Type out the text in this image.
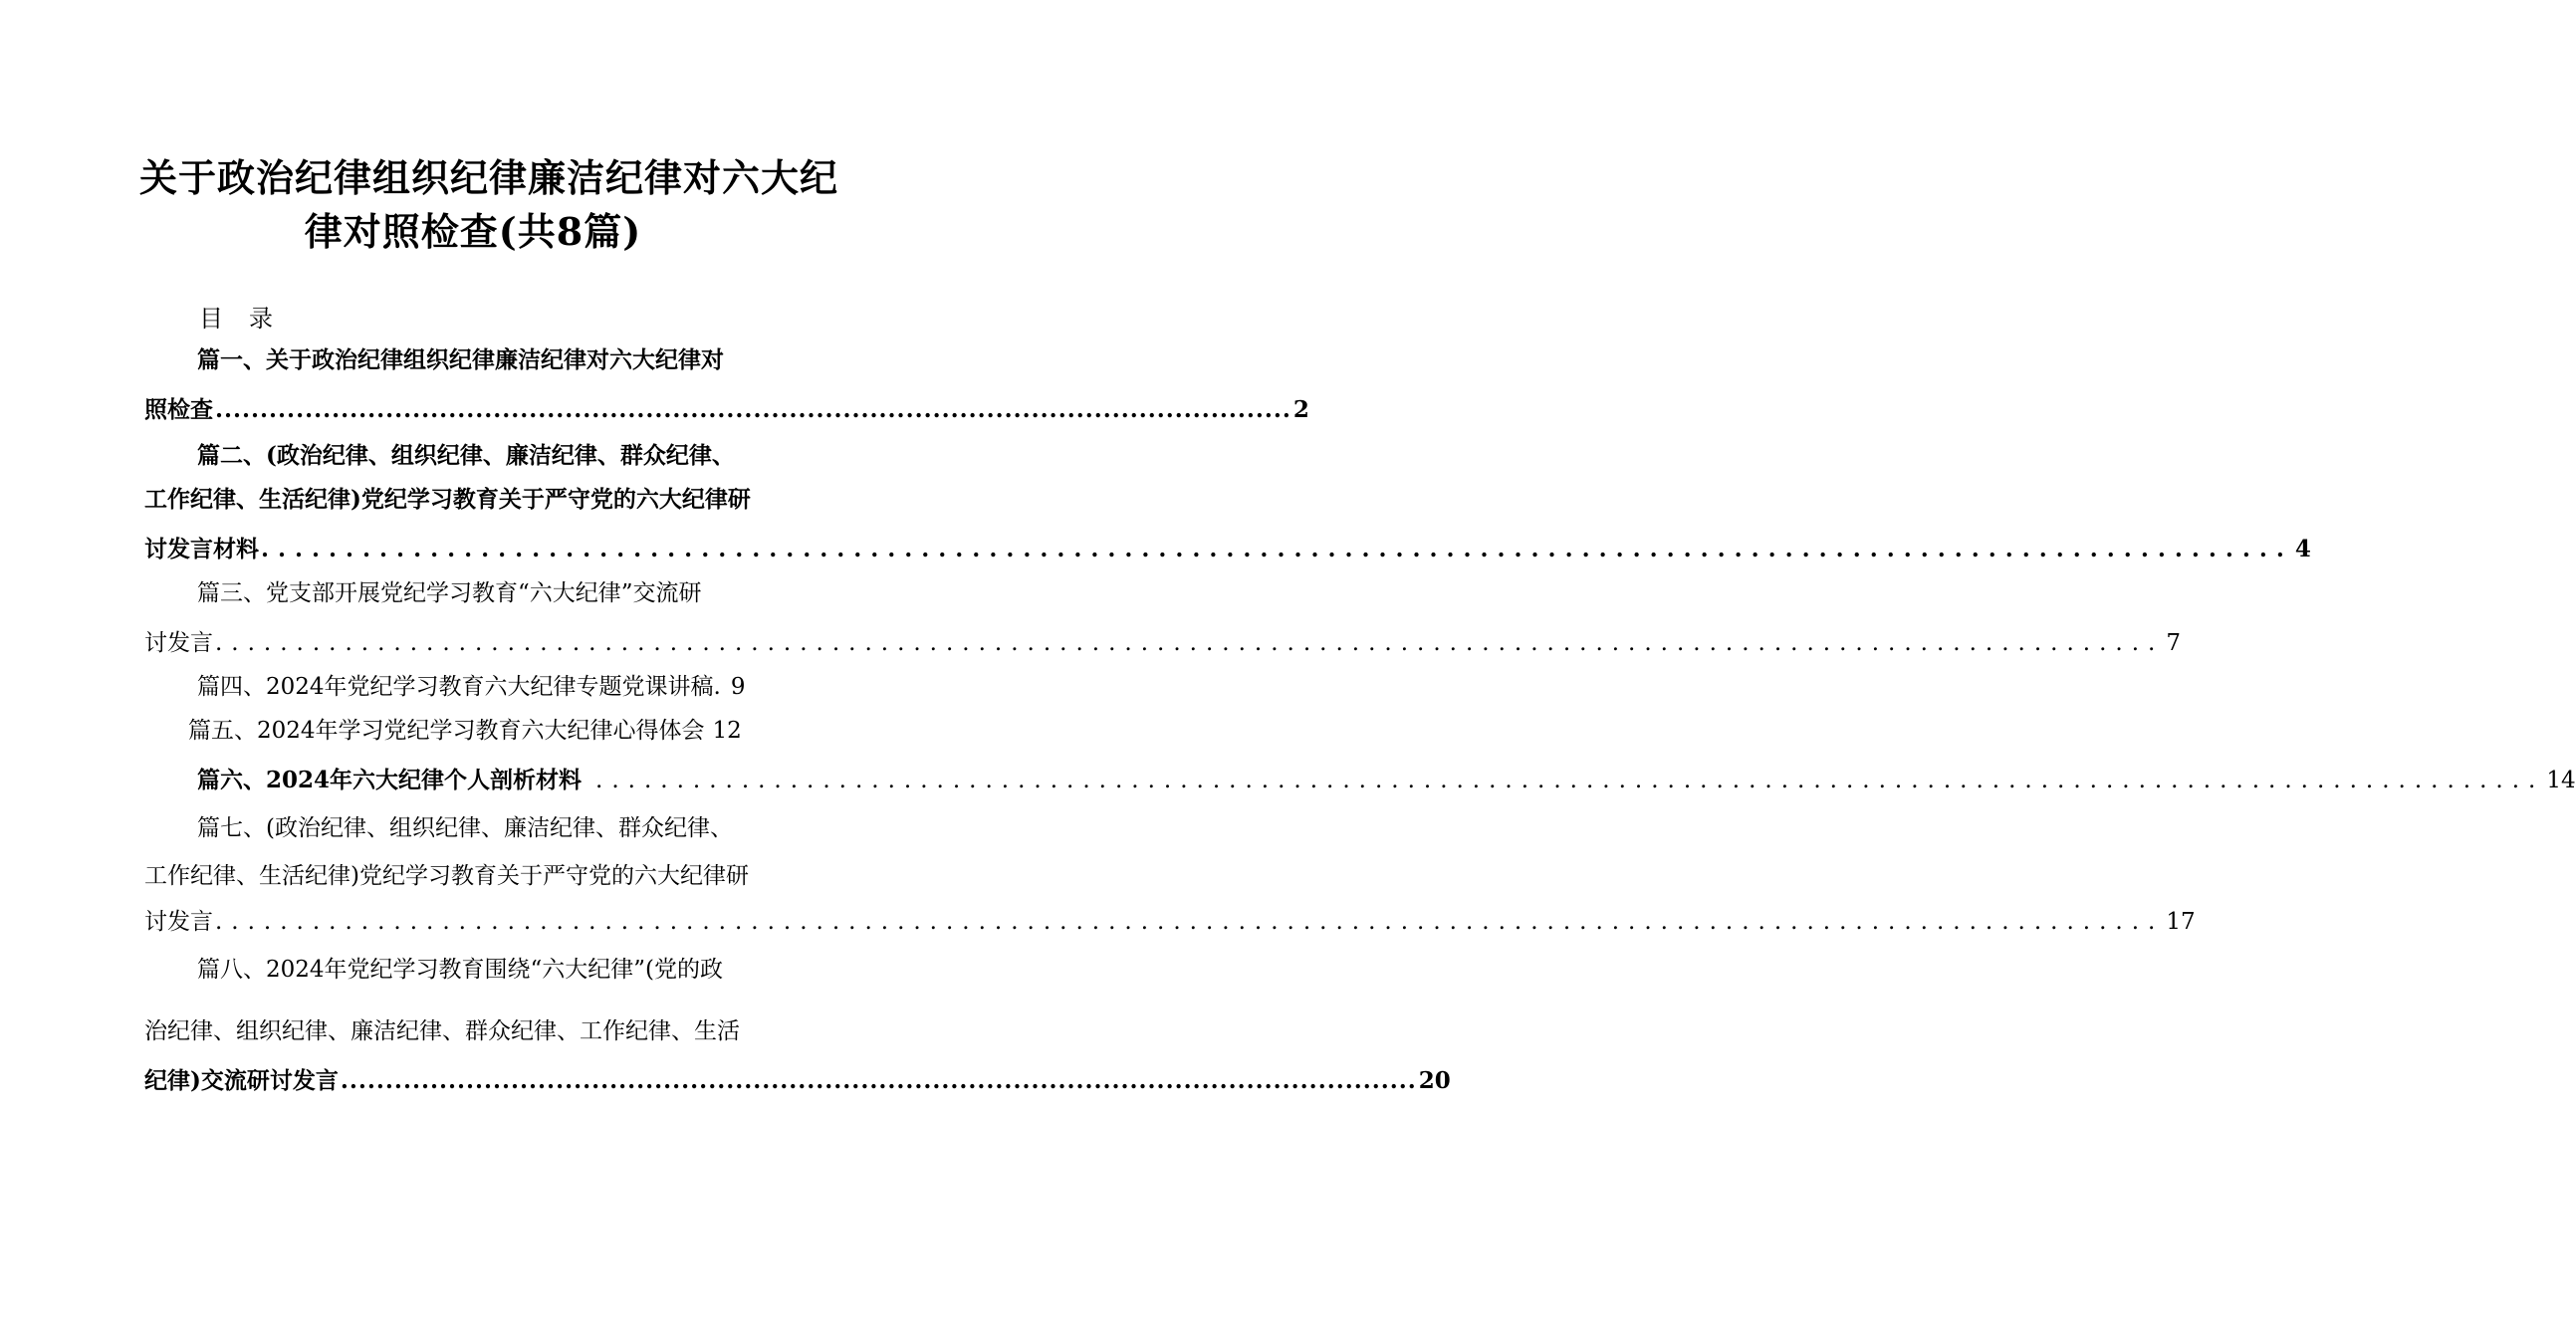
关于政治纪律组织纪律廉洁纪律对六大纪
律对照检查(共8篇)
目录
篇一、关于政治纪律组织纪律廉洁纪律对六大纪律对
照检查 ........................................................................................................................ 2
篇二、(政治纪律、组织纪律、廉洁纪律、群众纪律、
工作纪律、生活纪律)党纪学习教育关于严守党的六大纪律研
讨发言材料 ........................................................................................................................ 4
篇三、党支部开展党纪学习教育“六大纪律”交流研
讨发言 ........................................................................................................................ 7
篇四、2024年党纪学习教育六大纪律专题党课讲稿. 9
篇五、2024年学习党纪学习教育六大纪律心得体会 12
篇六、2024年六大纪律个人剖析材料 ........................................................................................................................ 14
篇七、(政治纪律、组织纪律、廉洁纪律、群众纪律、
工作纪律、生活纪律)党纪学习教育关于严守党的六大纪律研
讨发言 ........................................................................................................................ 17
篇八、2024年党纪学习教育围绕“六大纪律”(党的政
治纪律、组织纪律、廉洁纪律、群众纪律、工作纪律、生活
纪律)交流研讨发言 ........................................................................................................................ 20
